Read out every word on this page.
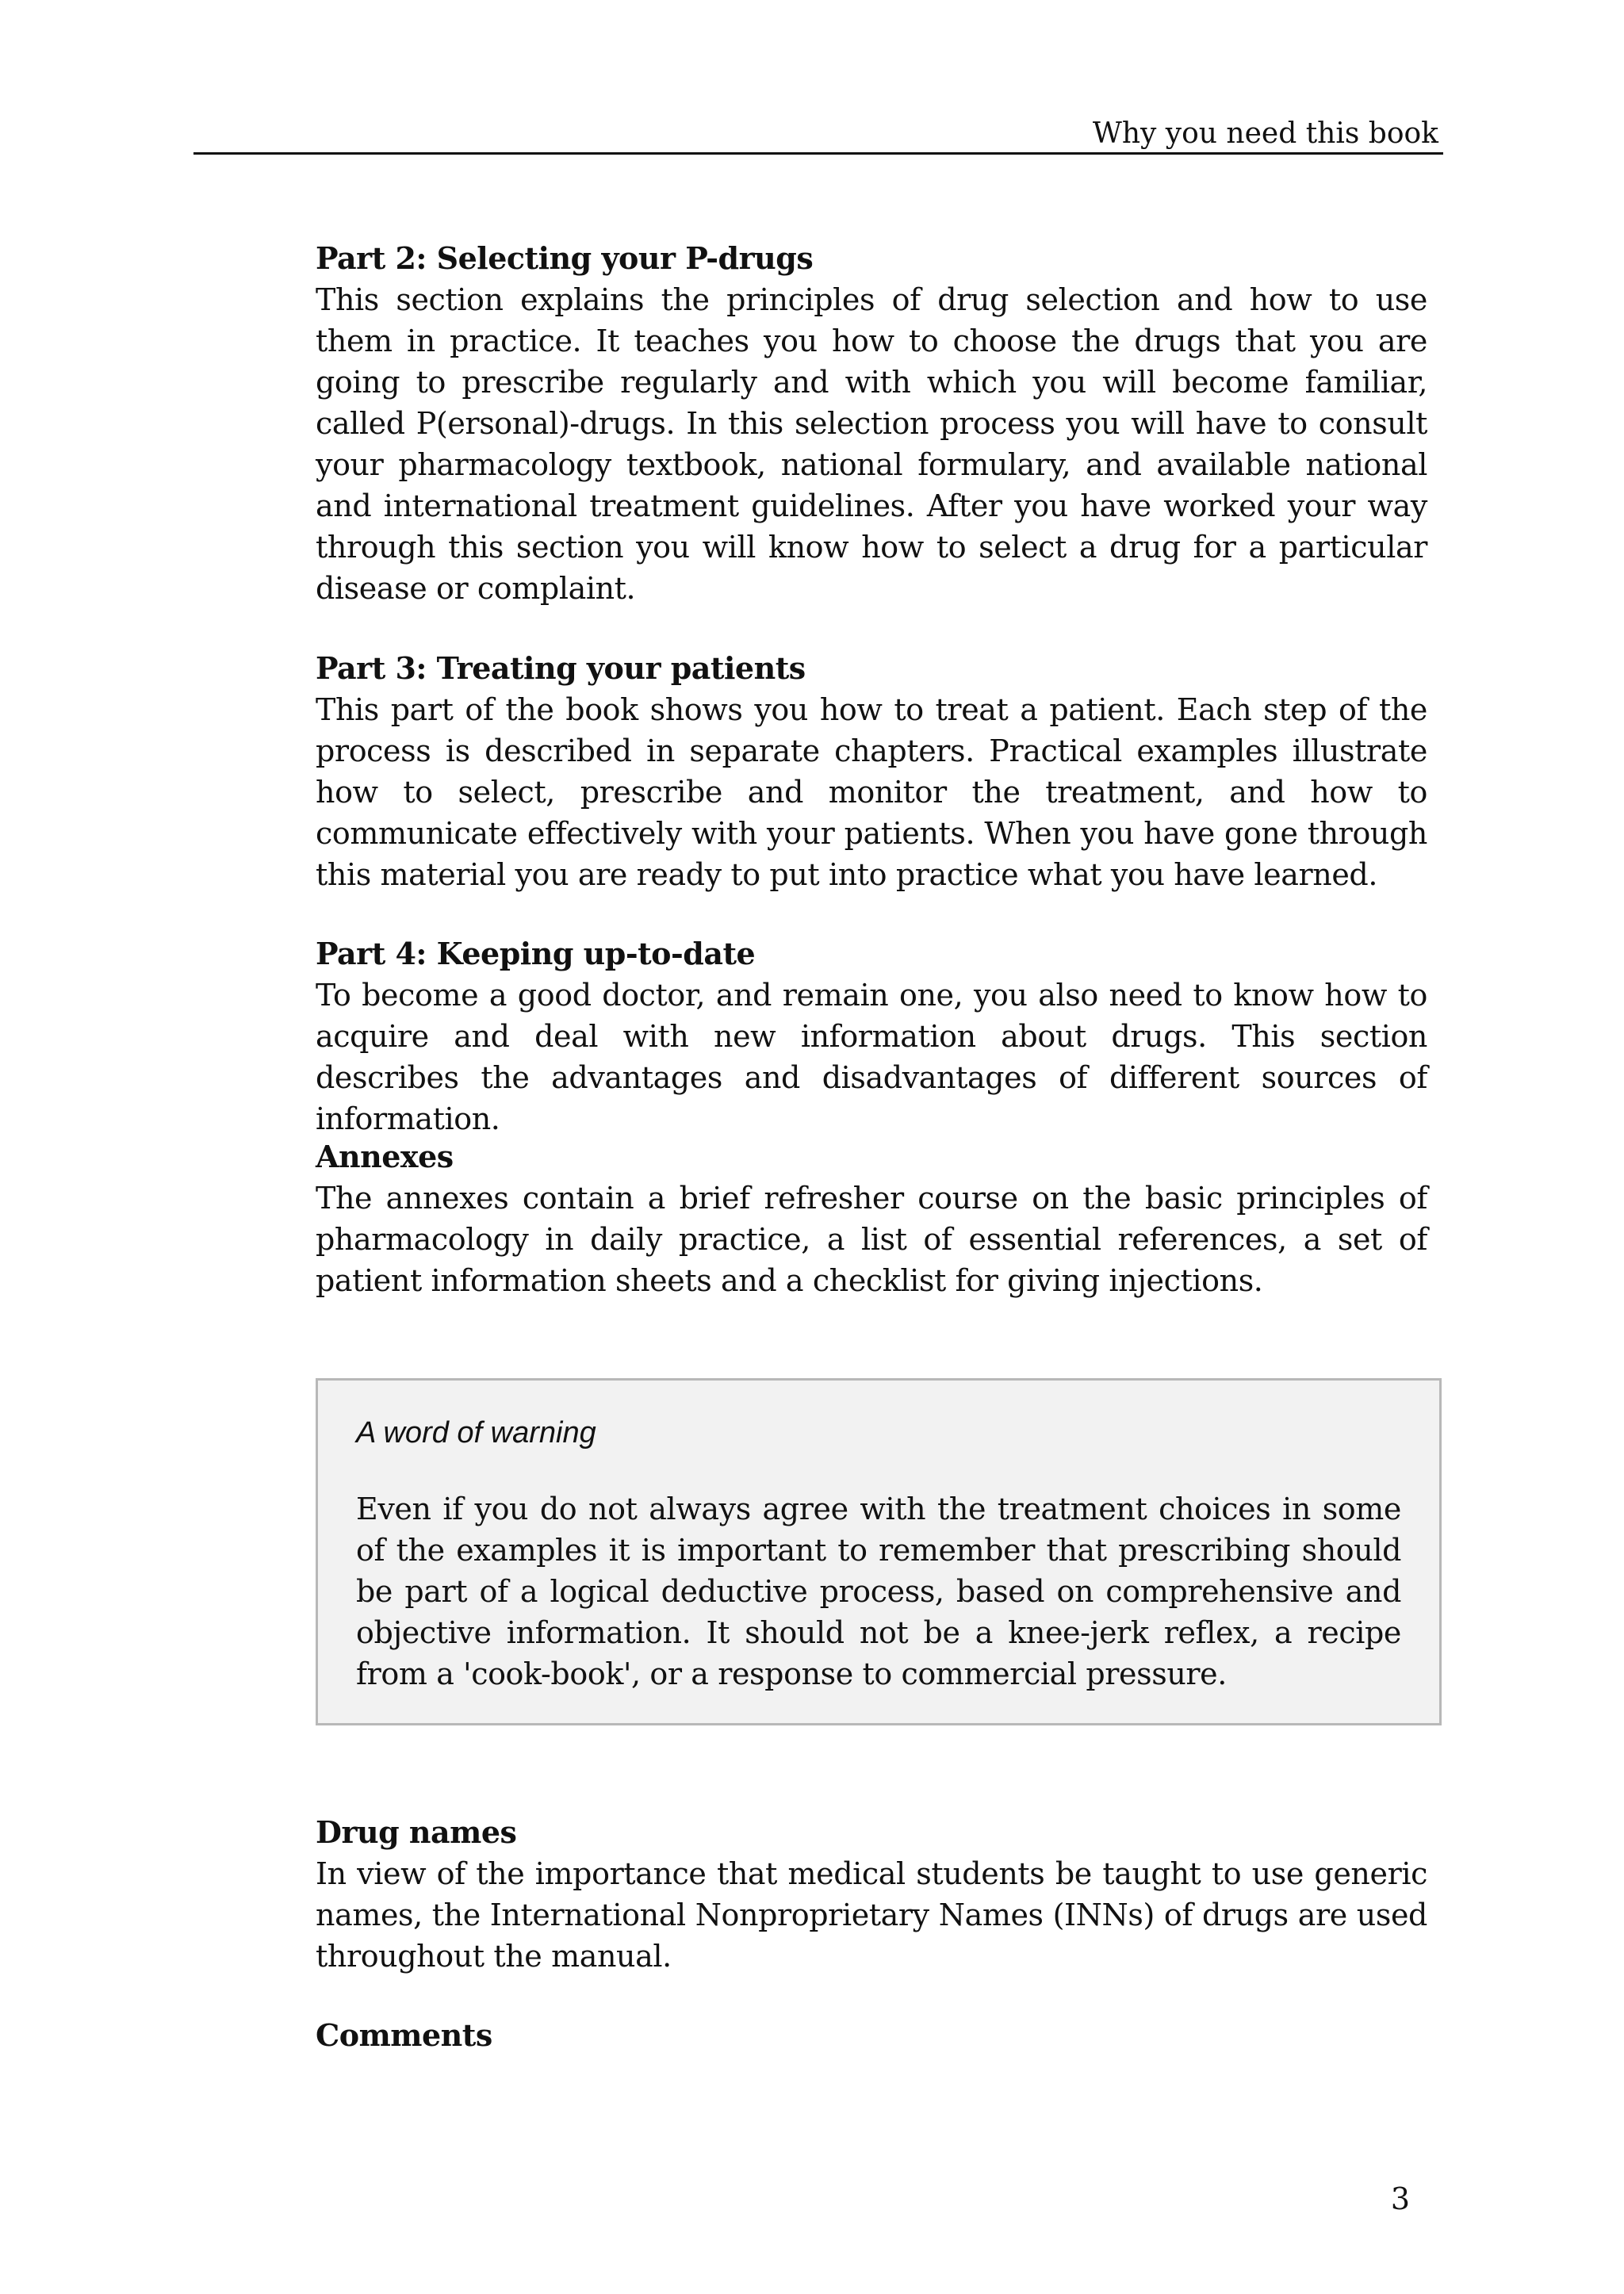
Why you need this book

Part 2: Selecting your P-drugs

This section explains the principles of drug selection and how to use them in practice. It teaches you how to choose the drugs that you are going to prescribe regularly and with which you will become familiar, called P(ersonal)-drugs. In this selection process you will have to consult your pharmacology textbook, national formulary, and available national and international treatment guidelines. After you have worked your way through this section you will know how to select a drug for a particular disease or complaint.

Part 3: Treating your patients

This part of the book shows you how to treat a patient. Each step of the process is described in separate chapters. Practical examples illustrate how to select, prescribe and monitor the treatment, and how to communicate effectively with your patients. When you have gone through this material you are ready to put into practice what you have learned.

Part 4: Keeping up-to-date

To become a good doctor, and remain one, you also need to know how to acquire and deal with new information about drugs. This section describes the advantages and disadvantages of different sources of information.

Annexes

The annexes contain a brief refresher course on the basic principles of pharmacology in daily practice, a list of essential references, a set of patient information sheets and a checklist for giving injections.

A word of warning

Even if you do not always agree with the treatment choices in some of the examples it is important to remember that prescribing should be part of a logical deductive process, based on comprehensive and objective information. It should not be a knee-jerk reflex, a recipe from a 'cook-book', or a response to commercial pressure.

Drug names

In view of the importance that medical students be taught to use generic names, the International Nonproprietary Names (INNs) of drugs are used throughout the manual.

Comments

3
